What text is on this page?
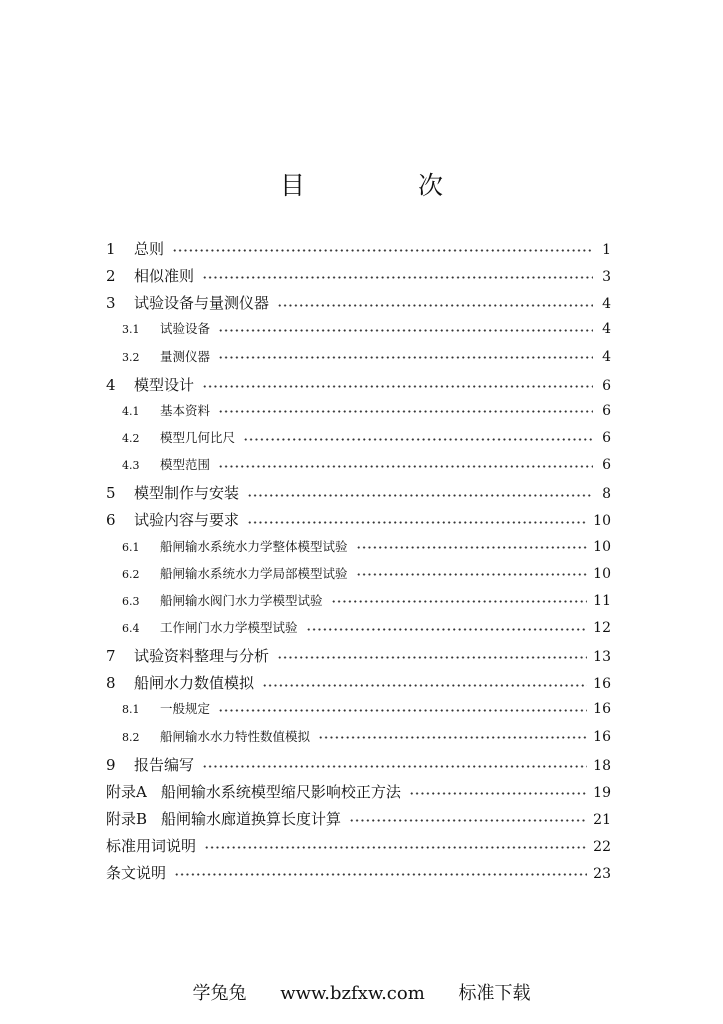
目　次
1	总则	1
2	相似准则	3
3	试验设备与量测仪器	4
3.1	试验设备	4
3.2	量测仪器	4
4	模型设计	6
4.1	基本资料	6
4.2	模型几何比尺	6
4.3	模型范围	6
5	模型制作与安装	8
6	试验内容与要求	10
6.1	船闸输水系统水力学整体模型试验	10
6.2	船闸输水系统水力学局部模型试验	10
6.3	船闸输水阀门水力学模型试验	11
6.4	工作闸门水力学模型试验	12
7	试验资料整理与分析	13
8	船闸水力数值模拟	16
8.1	一般规定	16
8.2	船闸输水水力特性数值模拟	16
9	报告编写	18
附录A 船闸输水系统模型缩尺影响校正方法	19
附录B 船闸输水廊道换算长度计算	21
标准用词说明	22
条文说明	23
学兔兔 www.bzfxw.com 标准下载
